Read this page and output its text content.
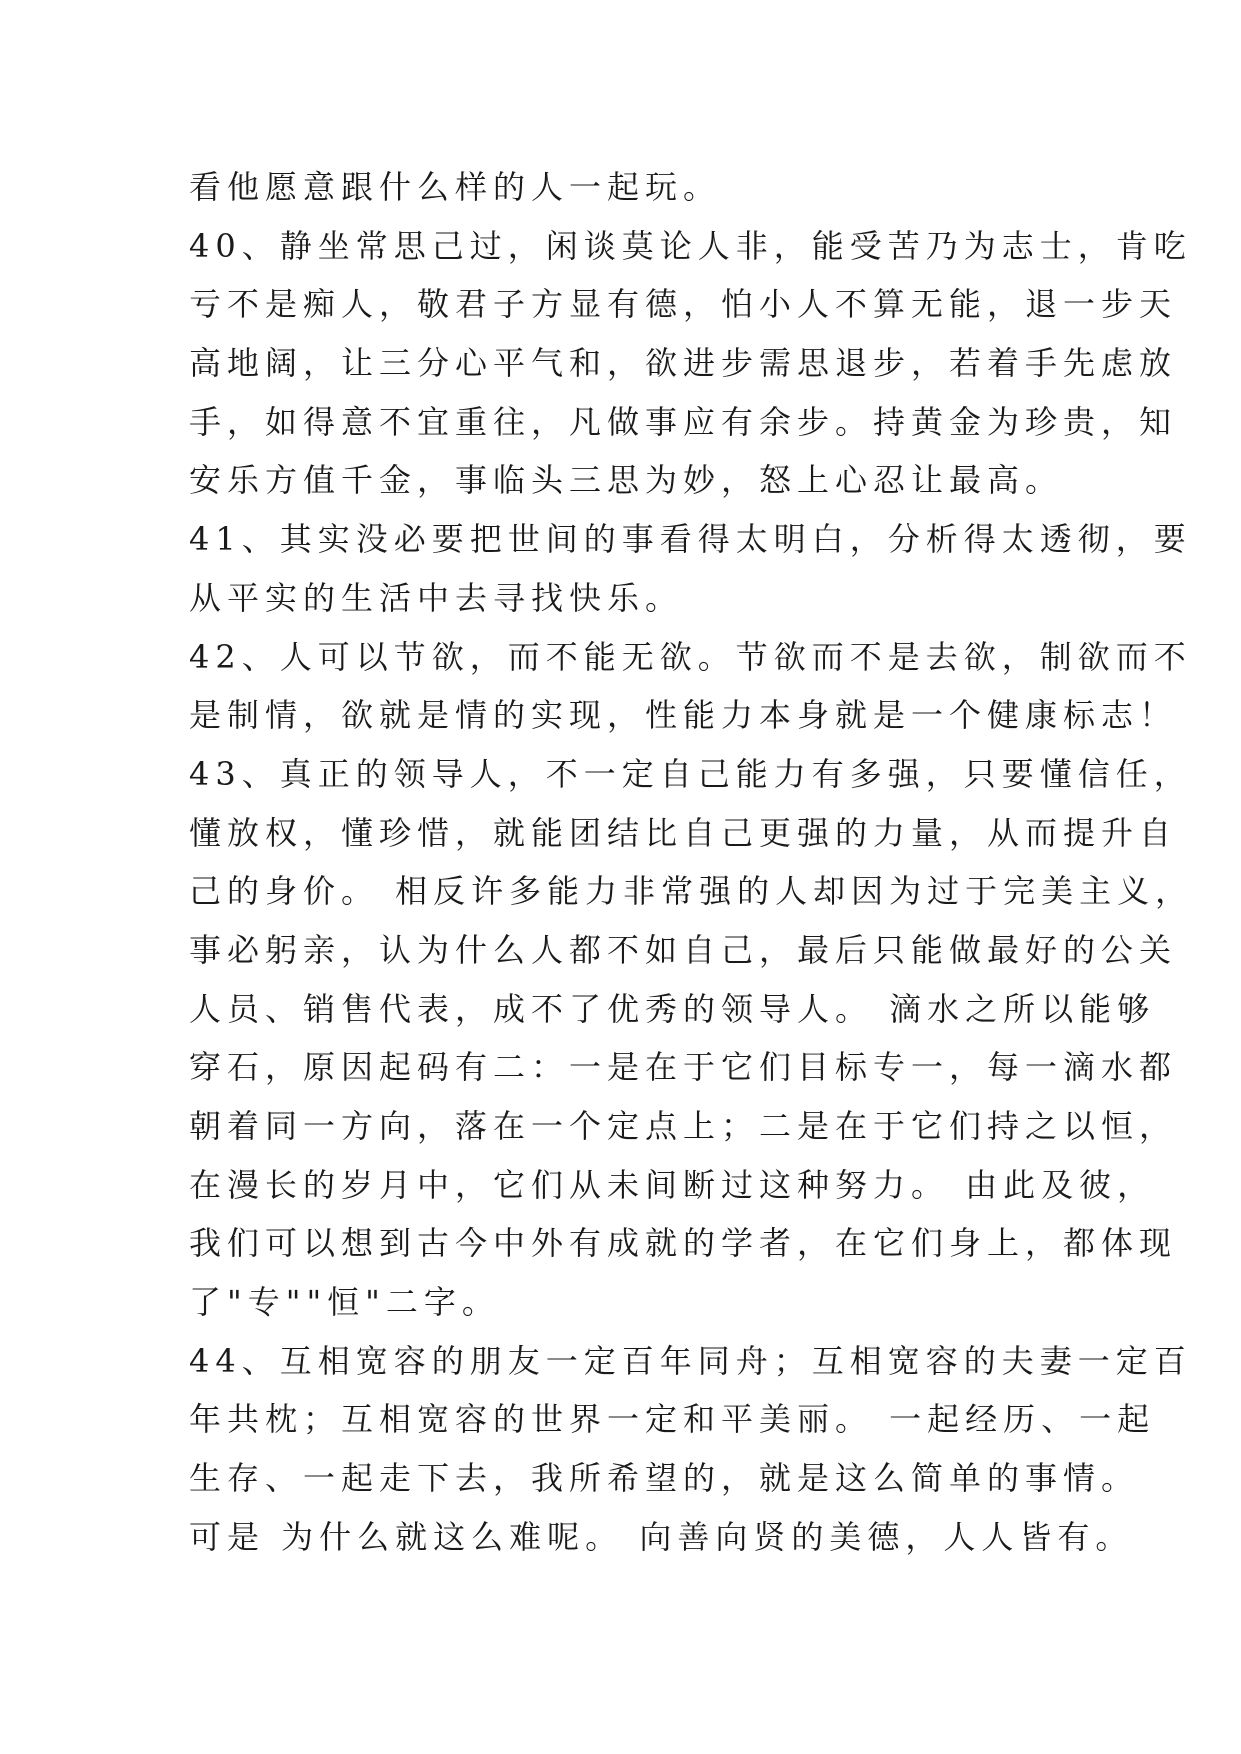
看他愿意跟什么样的人一起玩。
40、静坐常思己过，闲谈莫论人非，能受苦乃为志士，肯吃
亏不是痴人，敬君子方显有德，怕小人不算无能，退一步天
高地阔，让三分心平气和，欲进步需思退步，若着手先虑放
手，如得意不宜重往，凡做事应有余步。持黄金为珍贵，知
安乐方值千金，事临头三思为妙，怒上心忍让最高。
41、其实没必要把世间的事看得太明白，分析得太透彻，要
从平实的生活中去寻找快乐。
42、人可以节欲，而不能无欲。节欲而不是去欲，制欲而不
是制情，欲就是情的实现，性能力本身就是一个健康标志！
43、真正的领导人，不一定自己能力有多强，只要懂信任，
懂放权，懂珍惜，就能团结比自己更强的力量，从而提升自
己的身价。 相反许多能力非常强的人却因为过于完美主义，
事必躬亲，认为什么人都不如自己，最后只能做最好的公关
人员、销售代表，成不了优秀的领导人。 滴水之所以能够
穿石，原因起码有二：一是在于它们目标专一，每一滴水都
朝着同一方向，落在一个定点上；二是在于它们持之以恒，
在漫长的岁月中，它们从未间断过这种努力。 由此及彼，
我们可以想到古今中外有成就的学者，在它们身上，都体现
了"专""恒"二字。
44、互相宽容的朋友一定百年同舟；互相宽容的夫妻一定百
年共枕；互相宽容的世界一定和平美丽。 一起经历、一起
生存、一起走下去，我所希望的，就是这么简单的事情。
可是 为什么就这么难呢。 向善向贤的美德，人人皆有。
